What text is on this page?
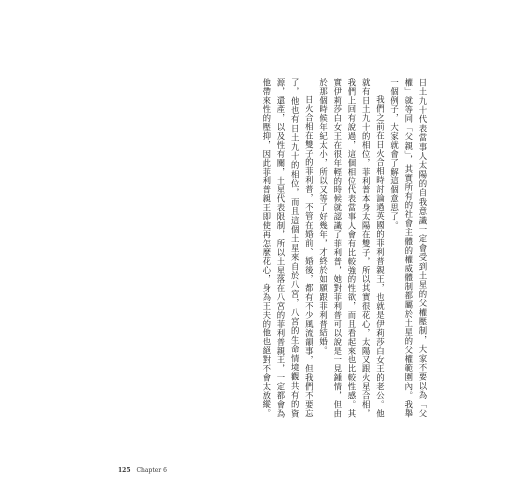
日土九十代表當事人太陽的自我意識一定會受到土星的父權壓制，大家不要以為「父權」就等同「父親」，其實所有的社會主體的權威體制都屬於土星的父權範圍內。我舉一個例子，大家就會了解這個意思了。

我們之前在日火合相時討論過英國的菲利普親王，也就是伊莉莎白女王的老公。他就有日土九十的相位，菲利普本身太陽在雙子，所以其實很花心，太陽又跟火星合相，我們上回有說過，這個相位代表當事人會有比較強的性欲，而且看起來也比較性感。其實伊莉莎白女王在很年輕的時候就認識了菲利普，她對菲利普可以說是一見鍾情，但由於那個時候年紀太小，所以又等了好幾年，才終於如願跟菲利普結婚。

日火合相在雙子的菲利普，不管在婚前、婚後，都有不少風流韻事，但我們不要忘了，他也有日土九十的相位，而且這個土星來自於八宮，八宮的生命情境觀共有的資源，還產，以及性有關，土星代表限制，所以土星落在八宮的菲利普親王，一定都會為他帶來性的壓抑，因此菲利普親王即使再怎麼花心，身為王夫的他也絕對不會太放縱。

125 Chapter 6
